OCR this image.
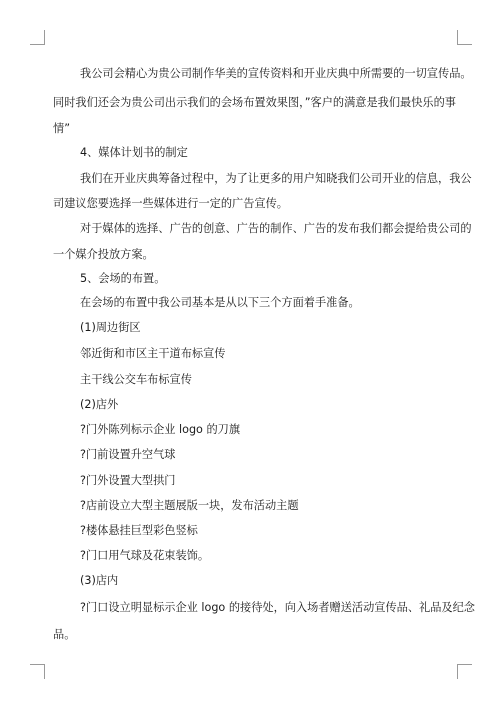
我公司会精心为贵公司制作华美的宣传资料和开业庆典中所需要的一切宣传品。
同时我们还会为贵公司出示我们的会场布置效果图，”客户的满意是我们最快乐的事
情”
4、媒体计划书的制定
我们在开业庆典筹备过程中，为了让更多的用户知晓我们公司开业的信息，我公
司建议您要选择一些媒体进行一定的广告宣传。
对于媒体的选择、广告的创意、广告的制作、广告的发布我们都会提给贵公司的
一个媒介投放方案。
5、会场的布置。
在会场的布置中我公司基本是从以下三个方面着手准备。
(1)周边街区
邻近街和市区主干道布标宣传
主干线公交车布标宣传
(2)店外
?门外陈列标示企业 logo 的刀旗
?门前设置升空气球
?门外设置大型拱门
?店前设立大型主题展版一块，发布活动主题
?楼体悬挂巨型彩色竖标
?门口用气球及花束装饰。
(3)店内
?门口设立明显标示企业 logo 的接待处，向入场者赠送活动宣传品、礼品及纪念
品。
